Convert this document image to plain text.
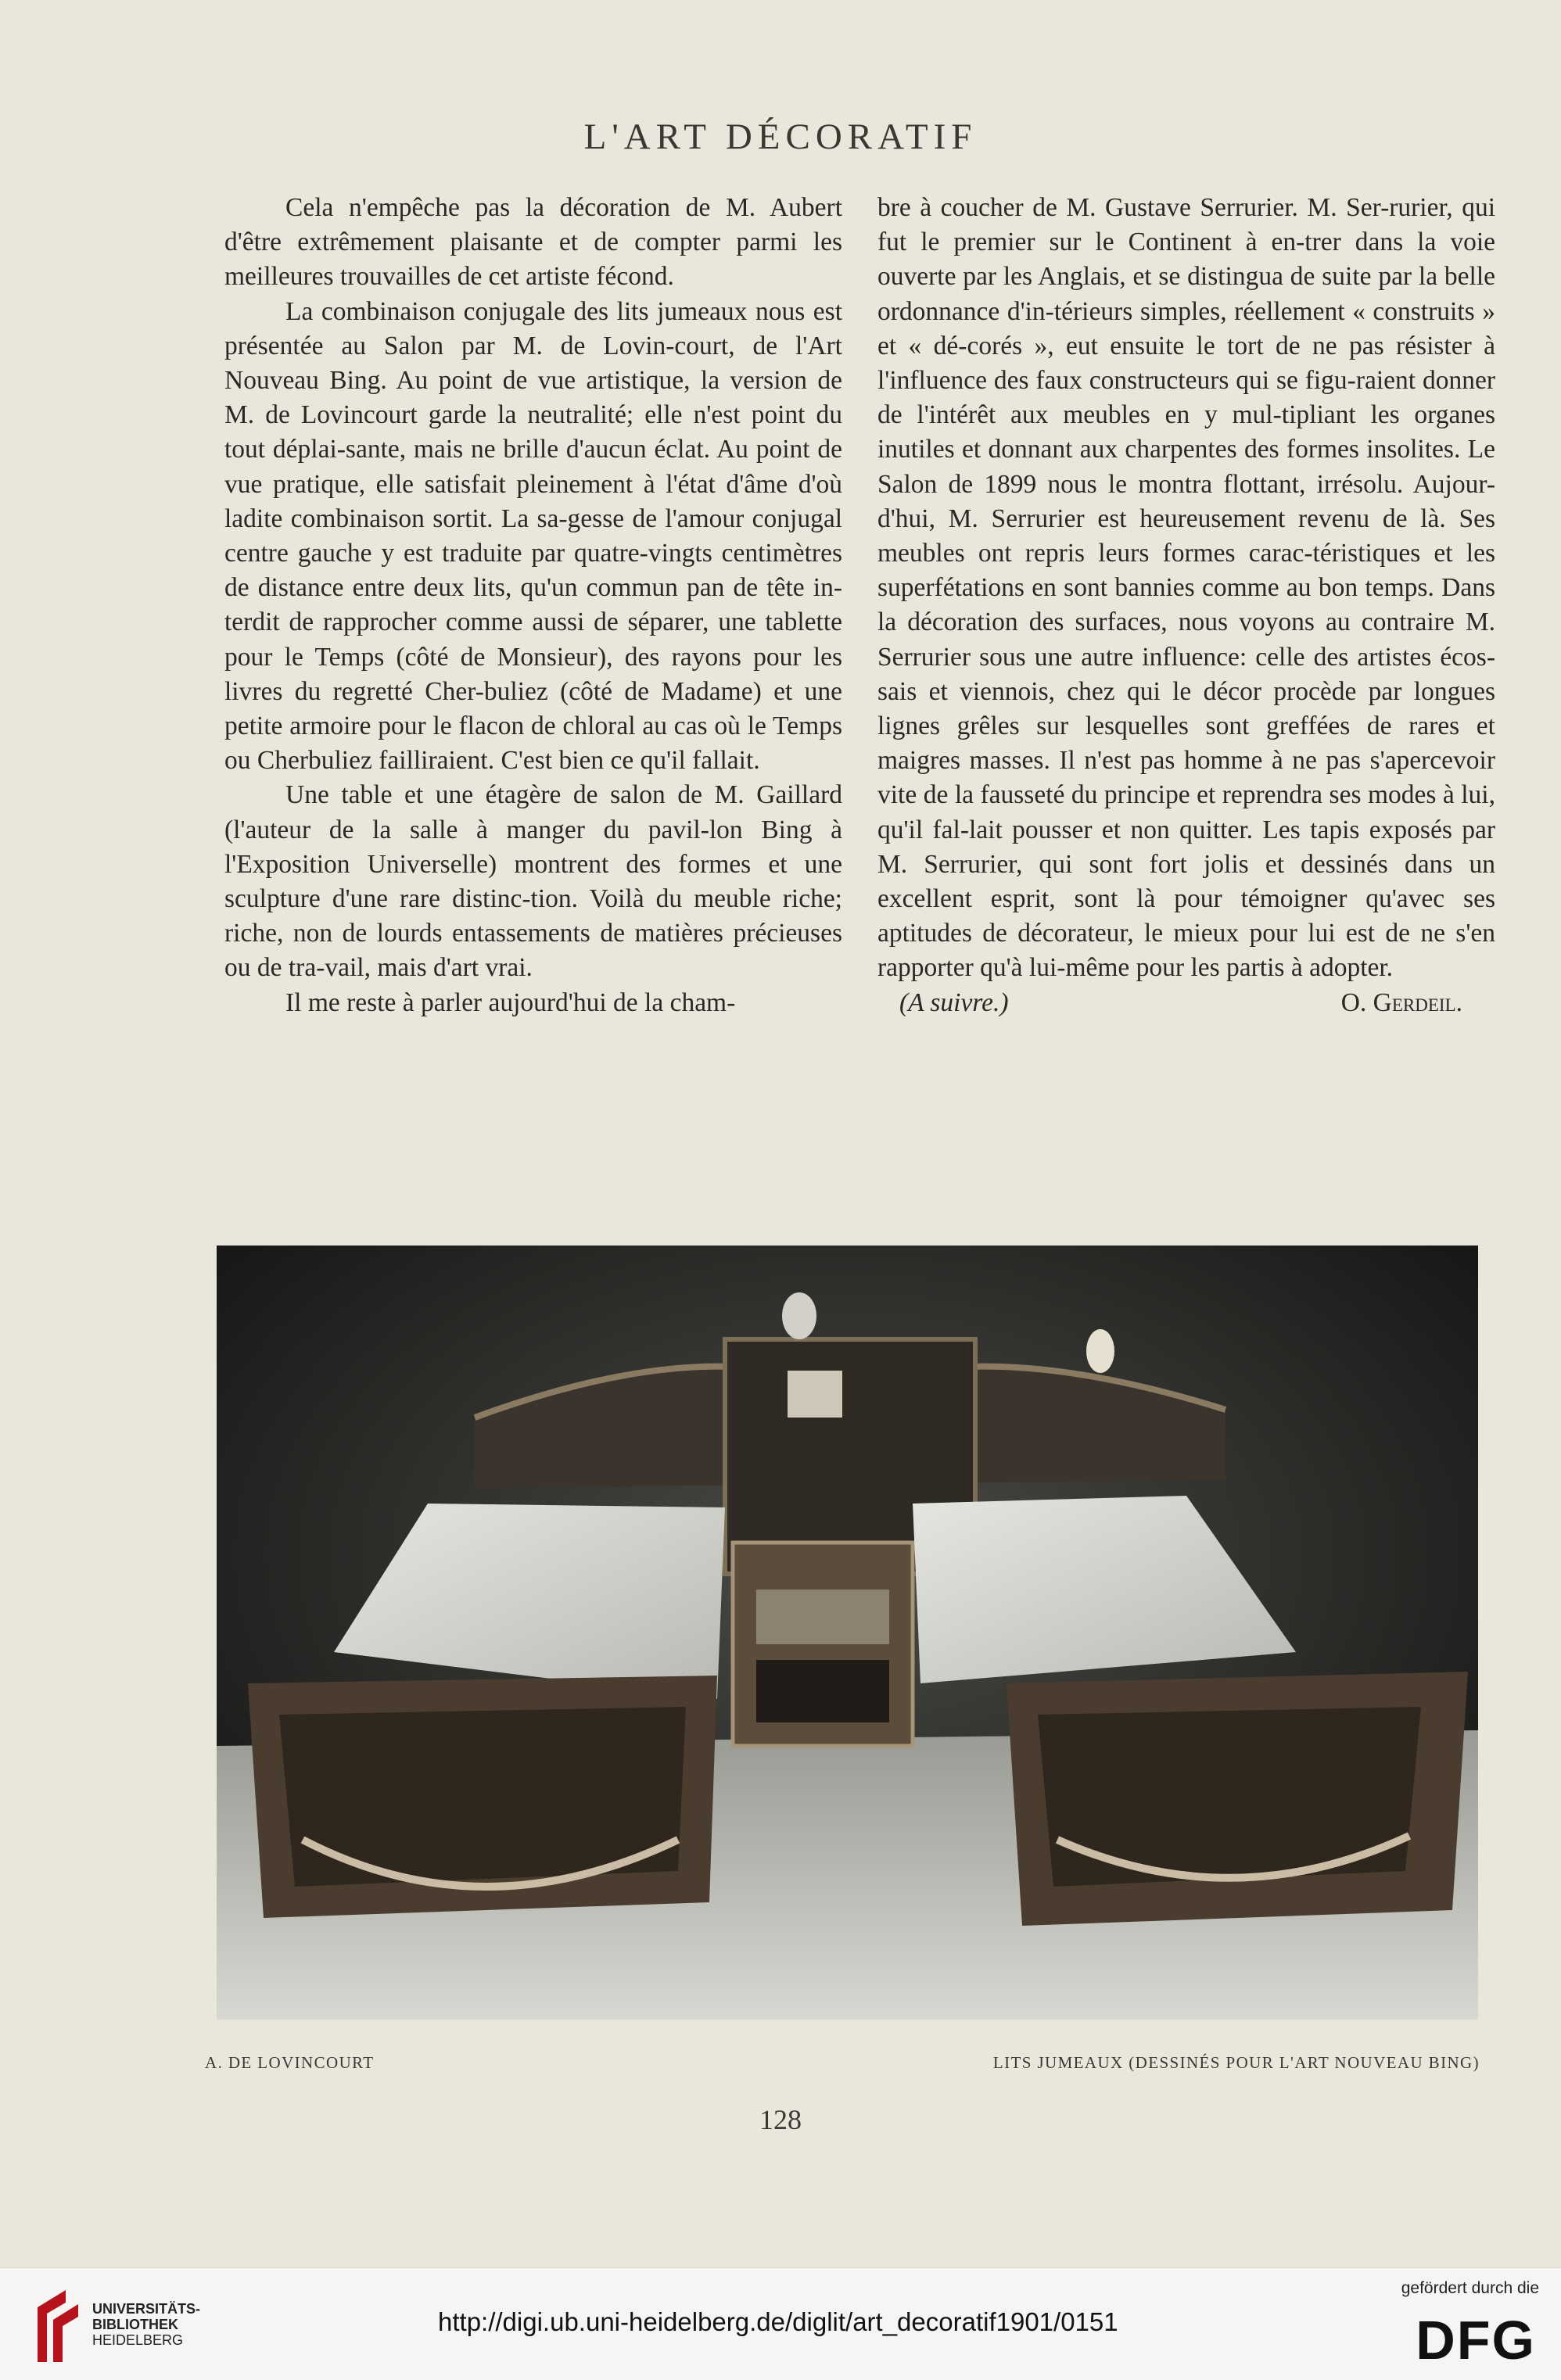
L'ART DÉCORATIF

Cela n'empêche pas la décoration de M. Aubert d'être extrêmement plaisante et de compter parmi les meilleures trouvailles de cet artiste fécond.

La combinaison conjugale des lits jumeaux nous est présentée au Salon par M. de Lovin-court, de l'Art Nouveau Bing. Au point de vue artistique, la version de M. de Lovincourt garde la neutralité; elle n'est point du tout déplai-sante, mais ne brille d'aucun éclat. Au point de vue pratique, elle satisfait pleinement à l'état d'âme d'où ladite combinaison sortit. La sa-gesse de l'amour conjugal centre gauche y est traduite par quatre-vingts centimètres de distance entre deux lits, qu'un commun pan de tête in-terdit de rapprocher comme aussi de séparer, une tablette pour le Temps (côté de Monsieur), des rayons pour les livres du regretté Cher-buliez (côté de Madame) et une petite armoire pour le flacon de chloral au cas où le Temps ou Cherbuliez failliraient. C'est bien ce qu'il fallait.

Une table et une étagère de salon de M. Gaillard (l'auteur de la salle à manger du pavil-lon Bing à l'Exposition Universelle) montrent des formes et une sculpture d'une rare distinc-tion. Voilà du meuble riche; riche, non de lourds entassements de matières précieuses ou de tra-vail, mais d'art vrai.

Il me reste à parler aujourd'hui de la cham-

bre à coucher de M. Gustave Serrurier. M. Ser-rurier, qui fut le premier sur le Continent à en-trer dans la voie ouverte par les Anglais, et se distingua de suite par la belle ordonnance d'in-térieurs simples, réellement « construits » et « dé-corés », eut ensuite le tort de ne pas résister à l'influence des faux constructeurs qui se figu-raient donner de l'intérêt aux meubles en y mul-tipliant les organes inutiles et donnant aux charpentes des formes insolites. Le Salon de 1899 nous le montra flottant, irrésolu. Aujour-d'hui, M. Serrurier est heureusement revenu de là. Ses meubles ont repris leurs formes carac-téristiques et les superfétations en sont bannies comme au bon temps. Dans la décoration des surfaces, nous voyons au contraire M. Serrurier sous une autre influence: celle des artistes écos-sais et viennois, chez qui le décor procède par longues lignes grêles sur lesquelles sont greffées de rares et maigres masses. Il n'est pas homme à ne pas s'apercevoir vite de la fausseté du principe et reprendra ses modes à lui, qu'il fal-lait pousser et non quitter. Les tapis exposés par M. Serrurier, qui sont fort jolis et dessinés dans un excellent esprit, sont là pour témoigner qu'avec ses aptitudes de décorateur, le mieux pour lui est de ne s'en rapporter qu'à lui-même pour les partis à adopter.

(A suivre.)	O. Gerdeil.
A. DE LOVINCOURT	LITS JUMEAUX (DESSINÉS POUR L'ART NOUVEAU BING)
128
UNIVERSITÄTS-
BIBLIOTHEK
HEIDELBERG
http://digi.ub.uni-heidelberg.de/diglit/art_decoratif1901/0151
gefördert durch die
DFG
